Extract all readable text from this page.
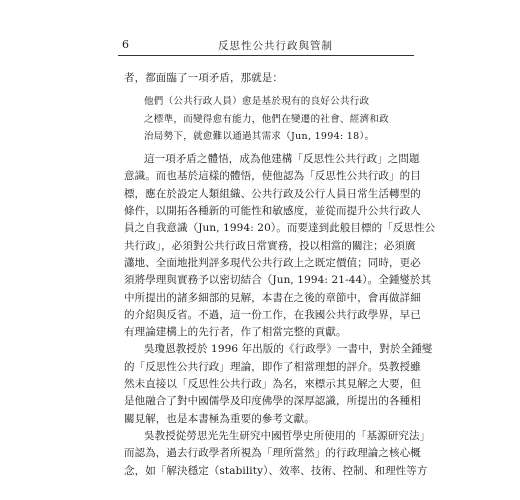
6	反思性公共行政與管制
者，都面臨了一項矛盾，那就是：
他們（公共行政人員）愈是基於現有的良好公共行政
之標準，而變得愈有能力，他們在變遷的社會、經濟和政
治局勢下，就愈難以通過其需求（Jun, 1994: 18）。
這一項矛盾之體悟，成為他建構「反思性公共行政」之問題
意識。而也基於這樣的體悟，使他認為「反思性公共行政」的目
標，應在於設定人類組織、公共行政及公行人員日常生活轉型的
條件，以開拓各種新的可能性和敏感度，並從而提升公共行政人
員之自我意識（Jun, 1994: 20）。而要達到此般目標的「反思性公
共行政」，必須對公共行政日常實務，投以相當的關注；必須廣
瀟地、全面地批判評多現代公共行政上之既定價值；同時，更必
須將學理與實務予以密切結合（Jun, 1994: 21-44）。全鍾燮於其
中所提出的諸多細部的見解，本書在之後的章節中，會再做詳細
的介紹與反省。不過，這一份工作，在我國公共行政學界，早已
有理論建構上的先行者，作了相當完整的貢獻。
吳瓊恩教授於 1996 年出版的《行政學》一書中，對於全鍾燮
的「反思性公共行政」理論，即作了相當理想的評介。吳教授雖
然未直接以「反思性公共行政」為名，來標示其見解之大要，但
是他融合了對中國儒學及印度佛學的深厚認識，所提出的各種相
關見解，也是本書極為重要的參考文獻。
吳教授從勞思光先生研究中國哲學史所使用的「基源研究法」
而認為，過去行政學者所視為「理所當然」的行政理論之核心概
念，如「解決穩定（stability）、效率、技術、控制、和理性等方
